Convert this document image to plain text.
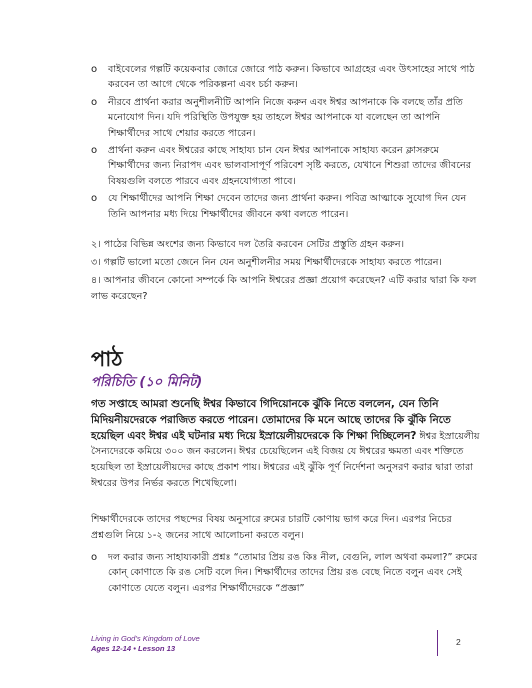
o বাইবেলের গল্পটি কয়েকবার জোরে জোরে পাঠ করুন। কিভাবে আগ্রহের এবং উৎসাহের সাথে পাঠ করবেন তা আগে থেকে পরিকল্পনা এবং চর্চা করুন।
o নীরবে প্রার্থনা করার অনুশীলনীটি আপনি নিজে করুন এবং ঈশ্বর আপনাকে কি বলছে তাঁর প্রতি মনোযোগ দিন। যদি পরিস্থিতি উপযুক্ত হয় তাহলে ঈশ্বর আপনাকে যা বলেছেন তা আপনি শিক্ষার্থীদের সাথে শেয়ার করতে পারেন।
o প্রার্থনা করুন এবং ঈশ্বরের কাছে সাহায্য চান যেন ঈশ্বর আপনাকে সাহায্য করেন ক্লাসরুমে শিক্ষার্থীদের জন্য নিরাপদ এবং ভালবাসাপূর্ণ পরিবেশ সৃষ্টি করতে, যেখানে শিশুরা তাদের জীবনের বিষয়গুলি বলতে পারবে এবং গ্রহনযোগ্যতা পাবে।
o যে শিক্ষার্থীদের আপনি শিক্ষা দেবেন তাদের জন্য প্রার্থনা করুন। পবিত্র আত্মাকে সুযোগ দিন যেন তিনি আপনার মধ্য দিয়ে শিক্ষার্থীদের জীবনে কথা বলতে পারেন।
২। পাঠের বিভিন্ন অংশের জন্য কিভাবে দল তৈরি করবেন সেটির প্রস্তুতি গ্রহন করুন।
৩। গল্পটি ভালো মতো জেনে নিন যেন অনুশীলনীর সময় শিক্ষার্থীদেরকে সাহায্য করতে পারেন।
৪। আপনার জীবনে কোনো সম্পর্কে কি আপনি ঈশ্বরের প্রজ্ঞা প্রয়োগ করেছেন? এটি করার দ্বারা কি ফল লাভ করেছেন?
পাঠ
পরিচিতি (১০ মিনিট)

গত সপ্তাহে আমরা শুনেছি ঈশ্বর কিভাবে গিদিয়োনকে ঝুঁকি নিতে বললেন, যেন তিনি মিদিয়নীয়দেরকে পরাজিত করতে পারেন। তোমাদের কি মনে আছে তাদের কি ঝুঁকি নিতে হয়েছিল এবং ঈশ্বর এই ঘটনার মধ্য দিয়ে ইস্রায়েলীয়দেরকে কি শিক্ষা দিচ্ছিলেন? ঈশ্বর ইস্রায়েলীয় সৈন্যদেরকে কমিয়ে ৩০০ জন করলেন। ঈশ্বর চেয়েছিলেন এই বিজয় যে ঈশ্বরের ক্ষমতা এবং শক্তিতে হয়েছিল তা ইস্রায়েলীয়দের কাছে প্রকাশ পায়। ঈশ্বরের এই ঝুঁকি পূর্ণ নির্দেশনা অনুসরণ করার দ্বারা তারা ঈশ্বরের উপর নির্ভর করতে শিখেছিলো।

শিক্ষার্থীদেরকে তাদের পছন্দের বিষয় অনুসারে রুমের চারটি কোণায় ভাগ করে দিন। এরপর নিচের প্রশ্নগুলি নিয়ে ১-২ জনের সাথে আলোচনা করতে বলুন।

o দল করার জন্য সাহায্যকারী প্রশ্নঃ “তোমার প্রিয় রঙ কিঃ নীল, বেগুনি, লাল অথবা কমলা?” রুমের কোন্ কোণাতে কি রঙ সেটি বলে দিন। শিক্ষার্থীদের তাদের প্রিয় রঙ বেছে নিতে বলুন এবং সেই কোণাতে যেতে বলুন। এরপর শিক্ষার্থীদেরকে “প্রজ্ঞা”
Living in God’s Kingdom of Love
Ages 12-14 • Lesson 13
2
